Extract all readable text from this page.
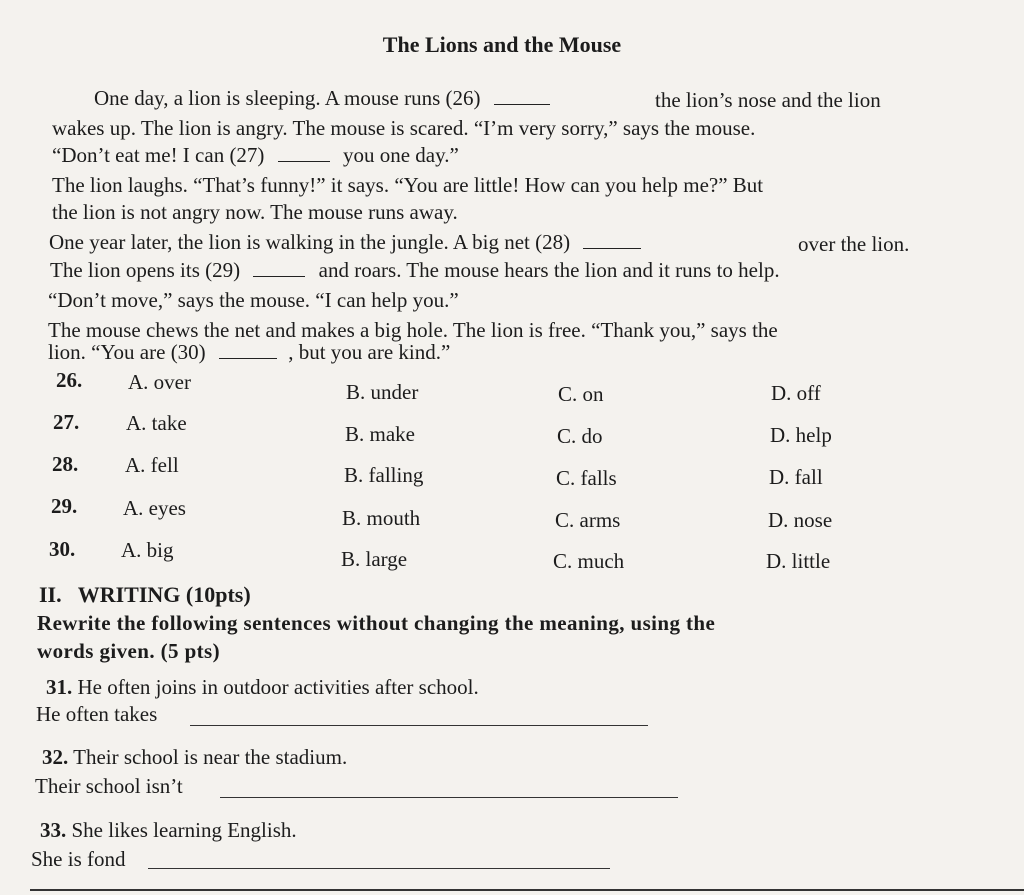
The Lions and the Mouse
One day, a lion is sleeping. A mouse runs (26)	the lion’s nose and the lion
wakes up. The lion is angry. The mouse is scared. “I’m very sorry,” says the mouse.
“Don’t eat me! I can (27)	you one day.”
The lion laughs. “That’s funny!” it says. “You are little! How can you help me?” But
the lion is not angry now. The mouse runs away.
One year later, the lion is walking in the jungle. A big net (28)	over the lion.
The lion opens its (29)	and roars. The mouse hears the lion and it runs to help.
“Don’t move,” says the mouse. “I can help you.”
The mouse chews the net and makes a big hole. The lion is free. “Thank you,” says the
lion. “You are (30)	, but you are kind.”
26. A. over	B. under	C. on	D. off
27. A. take	B. make	C. do	D. help
28. A. fell	B. falling	C. falls	D. fall
29. A. eyes	B. mouth	C. arms	D. nose
30. A. big	B. large	C. much	D. little
II.   WRITING (10pts)
Rewrite the following sentences without changing the meaning, using the
words given. (5 pts)
31. He often joins in outdoor activities after school.
He often takes
32. Their school is near the stadium.
Their school isn’t
33. She likes learning English.
She is fond
